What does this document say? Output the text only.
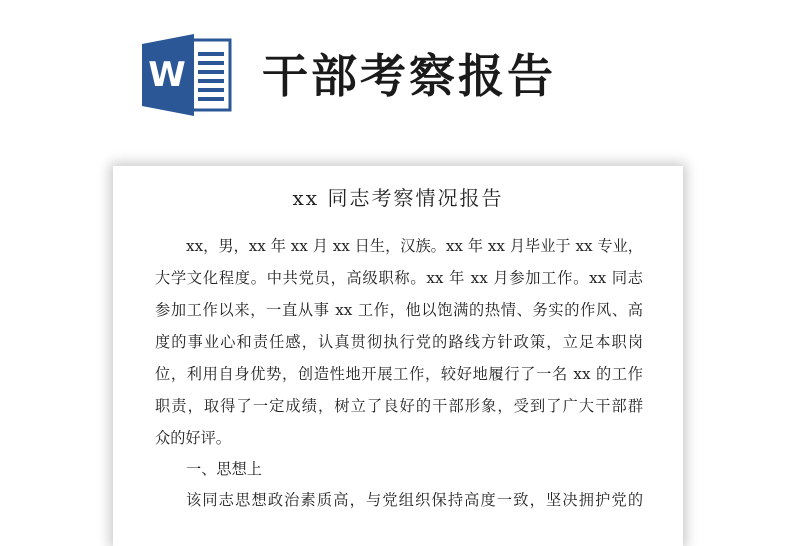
W 干部考察报告
xx 同志考察情况报告
xx，男，xx 年 xx 月 xx 日生，汉族。xx 年 xx 月毕业于 xx 专业，
大学文化程度。中共党员，高级职称。xx 年 xx 月参加工作。xx 同志
参加工作以来，一直从事 xx 工作，他以饱满的热情、务实的作风、高
度的事业心和责任感，认真贯彻执行党的路线方针政策，立足本职岗
位，利用自身优势，创造性地开展工作，较好地履行了一名 xx 的工作
职责，取得了一定成绩，树立了良好的干部形象，受到了广大干部群
众的好评。
一、思想上
该同志思想政治素质高，与党组织保持高度一致，坚决拥护党的
